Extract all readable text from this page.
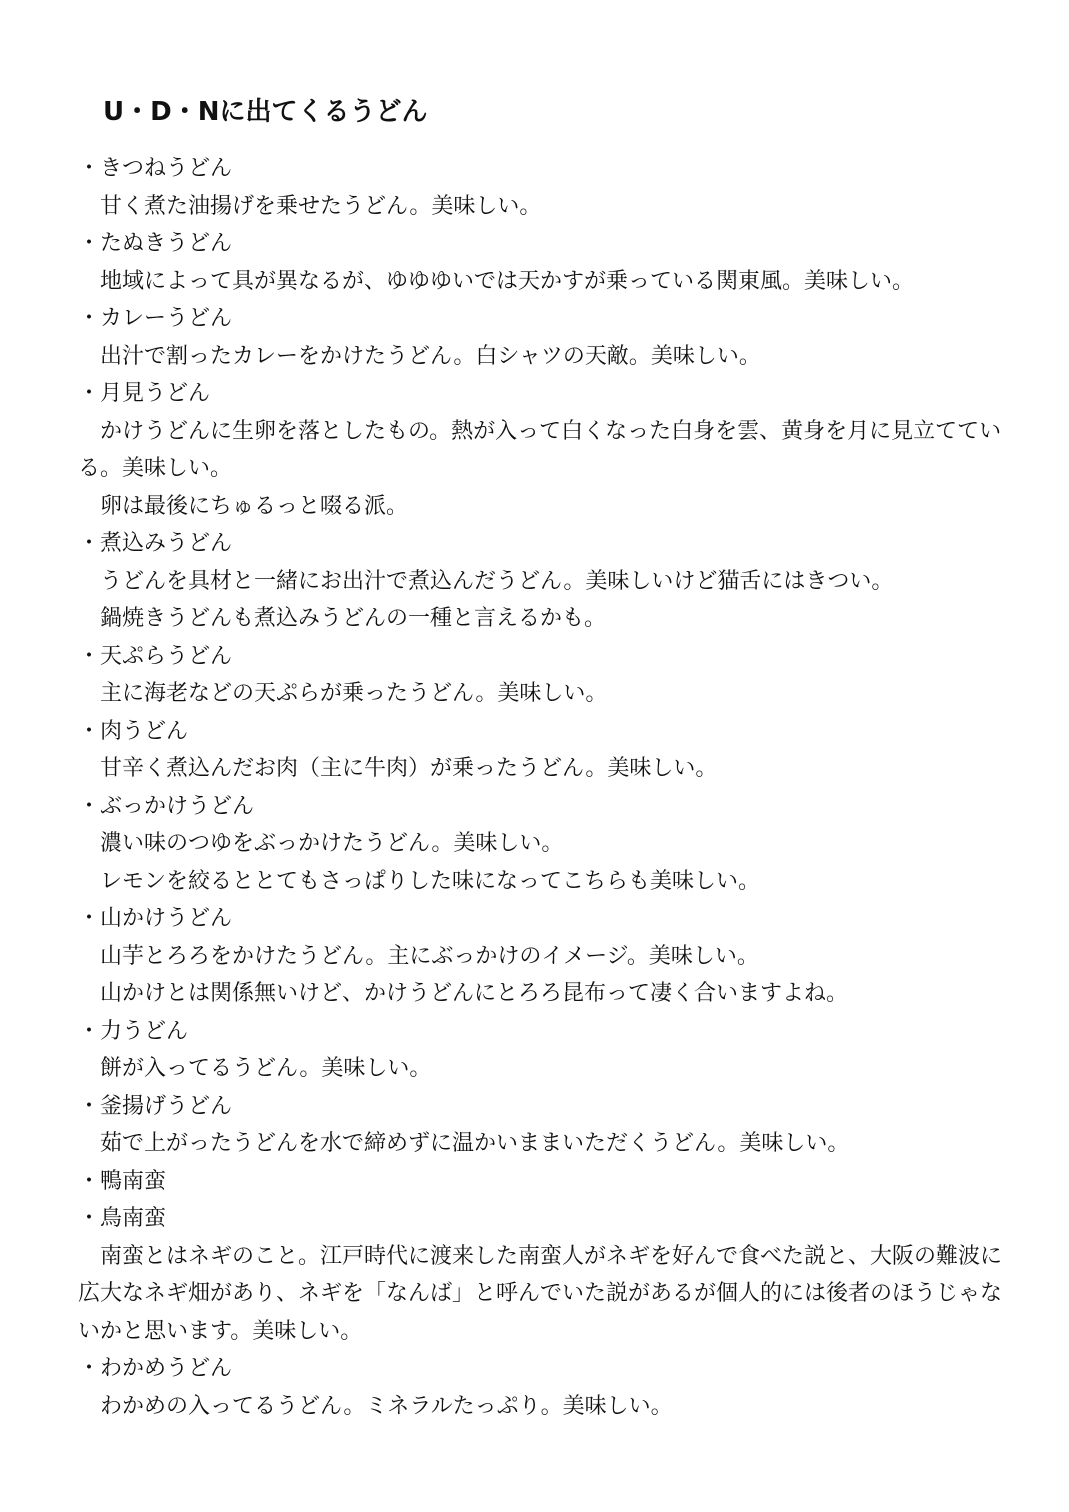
U・D・Nに出てくるうどん
・きつねうどん

甘く煮た油揚げを乗せたうどん。美味しい。

・たぬきうどん

地域によって具が異なるが、ゆゆゆいでは天かすが乗っている関東風。美味しい。

・カレーうどん

出汁で割ったカレーをかけたうどん。白シャツの天敵。美味しい。

・月見うどん

かけうどんに生卵を落としたもの。熱が入って白くなった白身を雲、黄身を月に見立てている。美味しい。

卵は最後にちゅるっと啜る派。

・煮込みうどん

うどんを具材と一緒にお出汁で煮込んだうどん。美味しいけど猫舌にはきつい。

鍋焼きうどんも煮込みうどんの一種と言えるかも。

・天ぷらうどん

主に海老などの天ぷらが乗ったうどん。美味しい。

・肉うどん

甘辛く煮込んだお肉（主に牛肉）が乗ったうどん。美味しい。

・ぶっかけうどん

濃い味のつゆをぶっかけたうどん。美味しい。

レモンを絞るととてもさっぱりした味になってこちらも美味しい。

・山かけうどん

山芋とろろをかけたうどん。主にぶっかけのイメージ。美味しい。

山かけとは関係無いけど、かけうどんにとろろ昆布って凄く合いますよね。

・力うどん

餅が入ってるうどん。美味しい。

・釜揚げうどん

茹で上がったうどんを水で締めずに温かいままいただくうどん。美味しい。

・鴨南蛮
・鳥南蛮

南蛮とはネギのこと。江戸時代に渡来した南蛮人がネギを好んで食べた説と、大阪の難波に広大なネギ畑があり、ネギを「なんば」と呼んでいた説があるが個人的には後者のほうじゃないかと思います。美味しい。

・わかめうどん

わかめの入ってるうどん。ミネラルたっぷり。美味しい。
